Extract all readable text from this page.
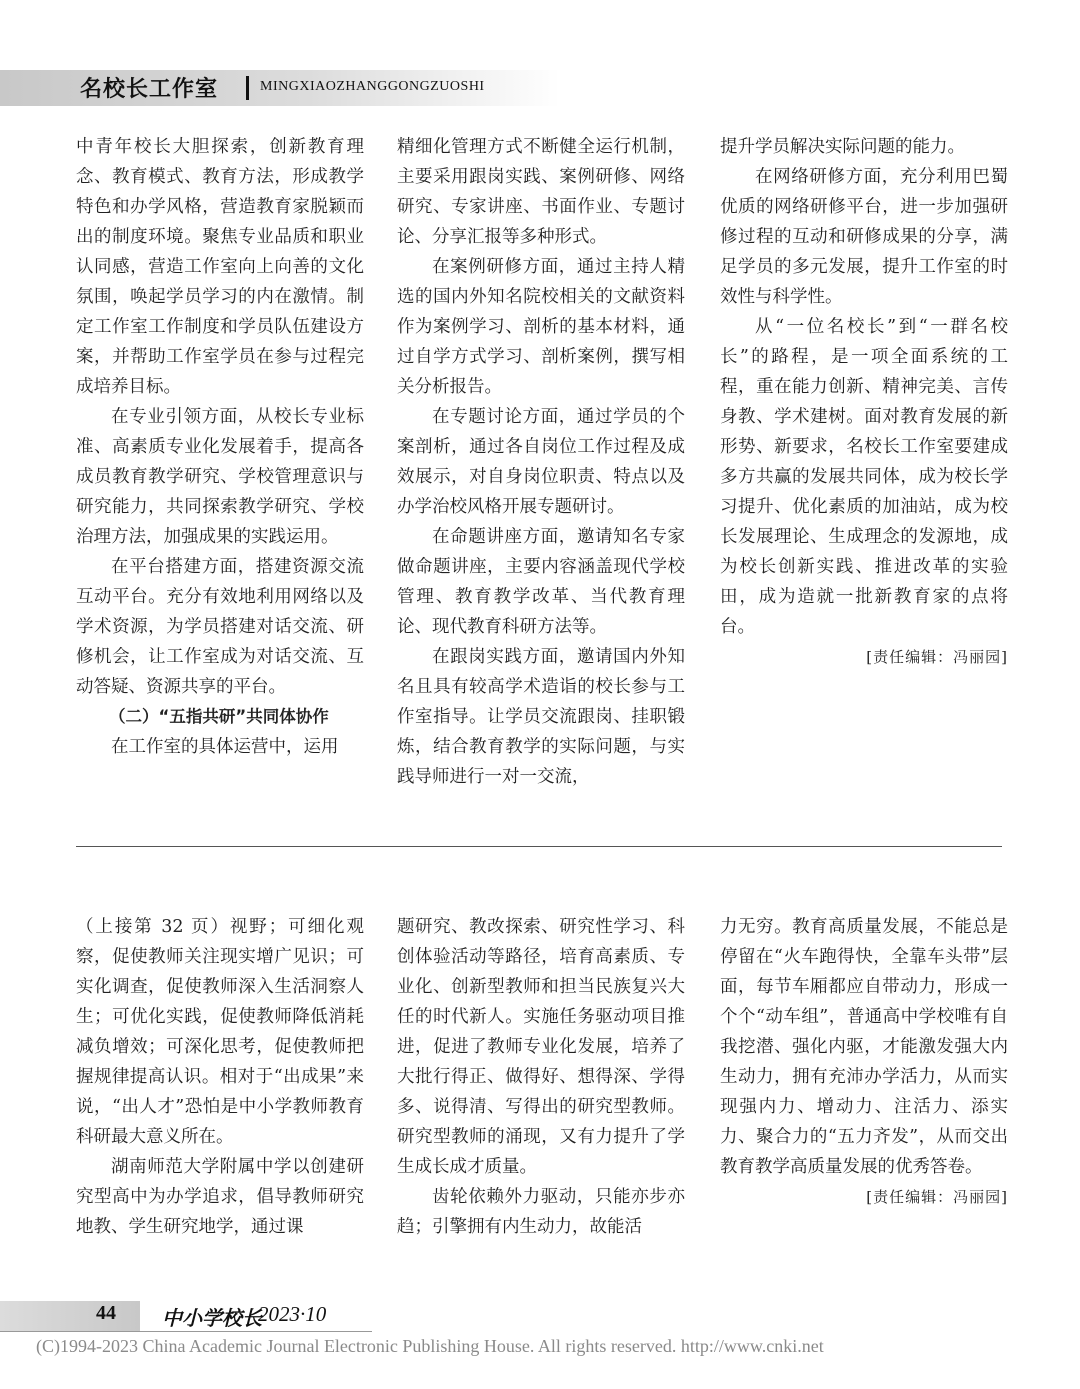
名校长工作室	MINGXIAOZHANGGONGZUOSHI

中青年校长大胆探索，创新教育理念、教育模式、教育方法，形成教学特色和办学风格，营造教育家脱颖而出的制度环境。聚焦专业品质和职业认同感，营造工作室向上向善的文化氛围，唤起学员学习的内在激情。制定工作室工作制度和学员队伍建设方案，并帮助工作室学员在参与过程完成培养目标。

在专业引领方面，从校长专业标准、高素质专业化发展着手，提高各成员教育教学研究、学校管理意识与研究能力，共同探索教学研究、学校治理方法，加强成果的实践运用。

在平台搭建方面，搭建资源交流互动平台。充分有效地利用网络以及学术资源，为学员搭建对话交流、研修机会，让工作室成为对话交流、互动答疑、资源共享的平台。

（二）“五指共研”共同体协作

在工作室的具体运营中，运用

精细化管理方式不断健全运行机制，主要采用跟岗实践、案例研修、网络研究、专家讲座、书面作业、专题讨论、分享汇报等多种形式。

在案例研修方面，通过主持人精选的国内外知名院校相关的文献资料作为案例学习、剖析的基本材料，通过自学方式学习、剖析案例，撰写相关分析报告。

在专题讨论方面，通过学员的个案剖析，通过各自岗位工作过程及成效展示，对自身岗位职责、特点以及办学治校风格开展专题研讨。

在命题讲座方面，邀请知名专家做命题讲座，主要内容涵盖现代学校管理、教育教学改革、当代教育理论、现代教育科研方法等。

在跟岗实践方面，邀请国内外知名且具有较高学术造诣的校长参与工作室指导。让学员交流跟岗、挂职锻炼，结合教育教学的实际问题，与实践导师进行一对一交流，

提升学员解决实际问题的能力。

在网络研修方面，充分利用巴蜀优质的网络研修平台，进一步加强研修过程的互动和研修成果的分享，满足学员的多元发展，提升工作室的时效性与科学性。

从“一位名校长”到“一群名校长”的路程，是一项全面系统的工程，重在能力创新、精神完美、言传身教、学术建树。面对教育发展的新形势、新要求，名校长工作室要建成多方共赢的发展共同体，成为校长学习提升、优化素质的加油站，成为校长发展理论、生成理念的发源地，成为校长创新实践、推进改革的实验田，成为造就一批新教育家的点将台。

[责任编辑：冯丽园]

（上接第 32 页）视野；可细化观察，促使教师关注现实增广见识；可实化调查，促使教师深入生活洞察人生；可优化实践，促使教师降低消耗减负增效；可深化思考，促使教师把握规律提高认识。相对于“出成果”来说，“出人才”恐怕是中小学教师教育科研最大意义所在。

湖南师范大学附属中学以创建研究型高中为办学追求，倡导教师研究地教、学生研究地学，通过课

题研究、教改探索、研究性学习、科创体验活动等路径，培育高素质、专业化、创新型教师和担当民族复兴大任的时代新人。实施任务驱动项目推进，促进了教师专业化发展，培养了大批行得正、做得好、想得深、学得多、说得清、写得出的研究型教师。研究型教师的涌现，又有力提升了学生成长成才质量。

齿轮依赖外力驱动，只能亦步亦趋；引擎拥有内生动力，故能活

力无穷。教育高质量发展，不能总是停留在“火车跑得快，全靠车头带”层面，每节车厢都应自带动力，形成一个个“动车组”，普通高中学校唯有自我挖潜、强化内驱，才能激发强大内生动力，拥有充沛办学活力，从而实现强内力、增动力、注活力、添实力、聚合力的“五力齐发”，从而交出教育教学高质量发展的优秀答卷。

[责任编辑：冯丽园]

44 中小学校长
2023·10
(C)1994-2023 China Academic Journal Electronic Publishing House. All rights reserved. http://www.cnki.net
